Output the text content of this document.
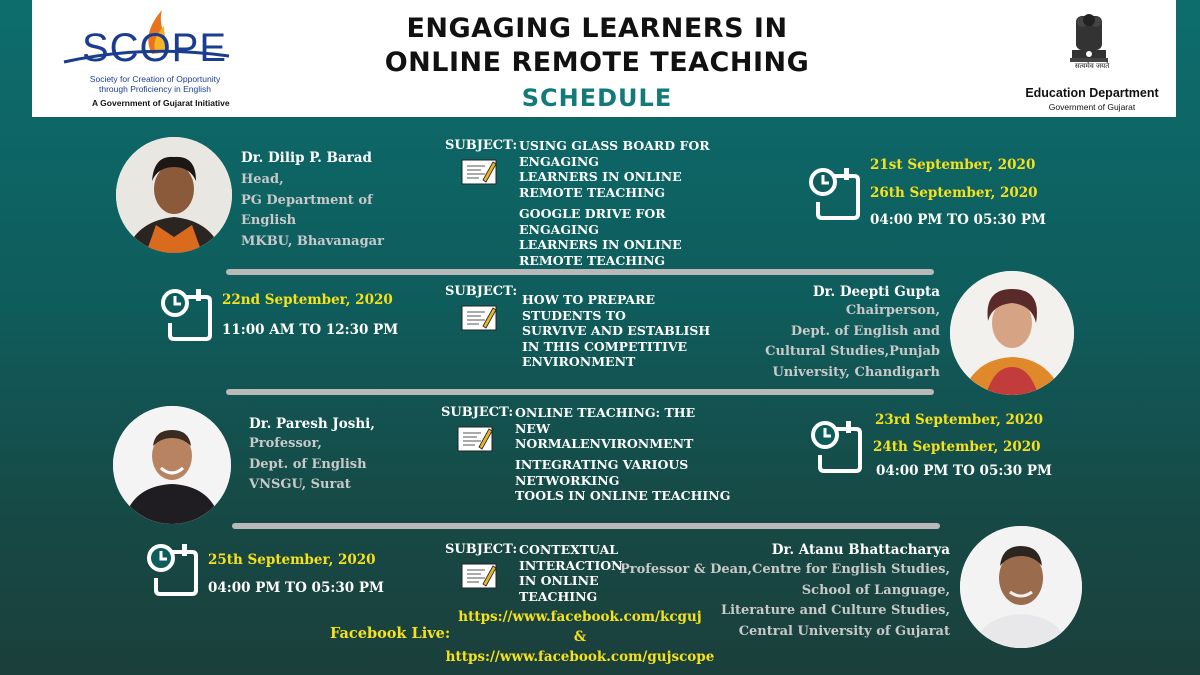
SCOPE
Society for Creation of Opportunity through Proficiency in English
A Government of Gujarat Initiative
ENGAGING LEARNERS IN
ONLINE REMOTE TEACHING
SCHEDULE
सत्यमेव जयते
Education Department
Government of Gujarat
Dr. Dilip P. Barad
Head,
PG Department of
English
MKBU, Bhavanagar
SUBJECT: USING GLASS BOARD FOR
ENGAGING
LEARNERS IN ONLINE
REMOTE TEACHING
GOOGLE DRIVE FOR
ENGAGING
LEARNERS IN ONLINE
REMOTE TEACHING
21st September, 2020
26th September, 2020
04:00 PM TO 05:30 PM
22nd September, 2020
11:00 AM TO 12:30 PM
SUBJECT:
HOW TO PREPARE
STUDENTS TO
SURVIVE AND ESTABLISH
IN THIS COMPETITIVE
ENVIRONMENT
Dr. Deepti Gupta
Chairperson,
Dept. of English and
Cultural Studies,Punjab
University, Chandigarh
Dr. Paresh Joshi,
Professor,
Dept. of English
VNSGU, Surat
SUBJECT: ONLINE TEACHING: THE
NEW
NORMALENVIRONMENT
INTEGRATING VARIOUS
NETWORKING
TOOLS IN ONLINE TEACHING
23rd September, 2020
24th September, 2020
04:00 PM TO 05:30 PM
25th September, 2020
04:00 PM TO 05:30 PM
SUBJECT: CONTEXTUAL
INTERACTION
IN ONLINE
TEACHING
Dr. Atanu Bhattacharya
Professor & Dean,Centre for English Studies,
School of Language,
Literature and Culture Studies,
Central University of Gujarat
Facebook Live:
https://www.facebook.com/kcguj
&
https://www.facebook.com/gujscope
